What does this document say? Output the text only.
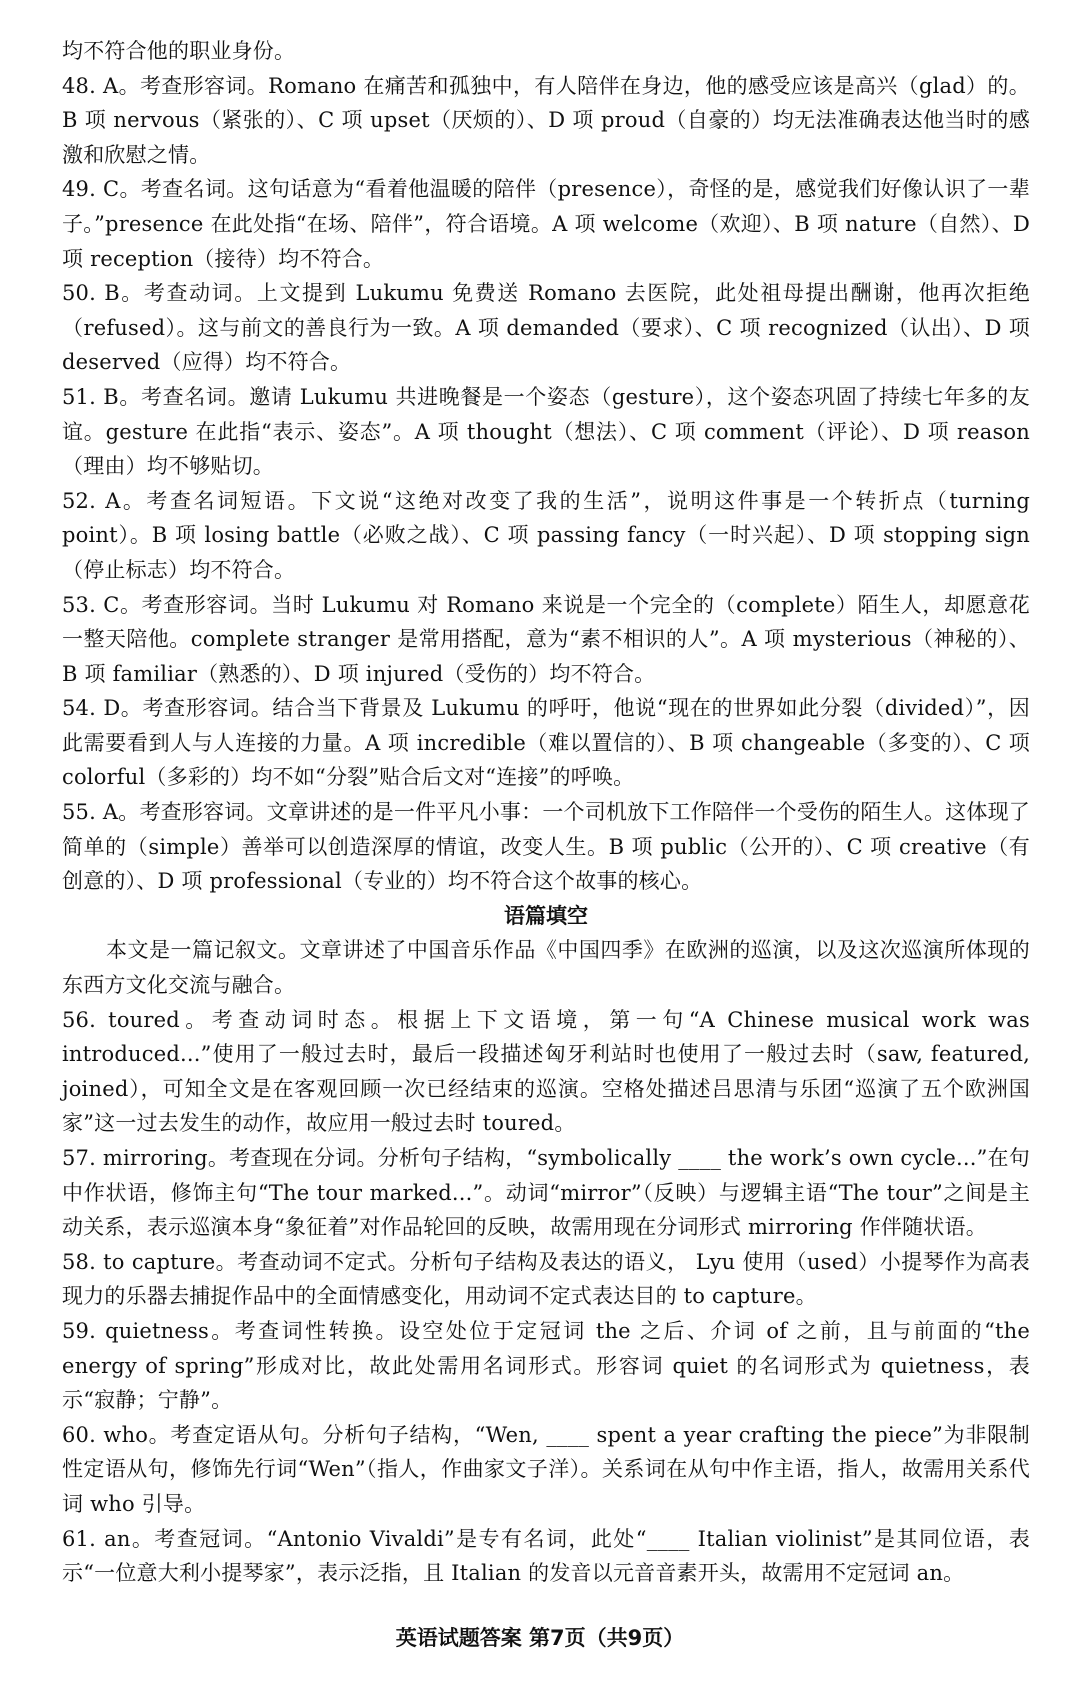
均不符合他的职业身份。

48. A。考查形容词。Romano 在痛苦和孤独中，有人陪伴在身边，他的感受应该是高兴（glad）的。B 项 nervous（紧张的）、C 项 upset（厌烦的）、D 项 proud（自豪的）均无法准确表达他当时的感激和欣慰之情。

49. C。考查名词。这句话意为“看着他温暖的陪伴（presence），奇怪的是，感觉我们好像认识了一辈子。”presence 在此处指“在场、陪伴”，符合语境。A 项 welcome（欢迎）、B 项 nature（自然）、D 项 reception（接待）均不符合。

50. B。考查动词。上文提到 Lukumu 免费送 Romano 去医院，此处祖母提出酬谢，他再次拒绝（refused）。这与前文的善良行为一致。A 项 demanded（要求）、C 项 recognized（认出）、D 项 deserved（应得）均不符合。

51. B。考查名词。邀请 Lukumu 共进晚餐是一个姿态（gesture），这个姿态巩固了持续七年多的友谊。gesture 在此指“表示、姿态”。A 项 thought（想法）、C 项 comment（评论）、D 项 reason（理由）均不够贴切。

52. A。考查名词短语。下文说“这绝对改变了我的生活”，说明这件事是一个转折点（turning point）。B 项 losing battle（必败之战）、C 项 passing fancy（一时兴起）、D 项 stopping sign（停止标志）均不符合。

53. C。考查形容词。当时 Lukumu 对 Romano 来说是一个完全的（complete）陌生人，却愿意花一整天陪他。complete stranger 是常用搭配，意为“素不相识的人”。A 项 mysterious（神秘的）、B 项 familiar（熟悉的）、D 项 injured（受伤的）均不符合。

54. D。考查形容词。结合当下背景及 Lukumu 的呼吁，他说“现在的世界如此分裂（divided）”，因此需要看到人与人连接的力量。A 项 incredible（难以置信的）、B 项 changeable（多变的）、C 项 colorful（多彩的）均不如“分裂”贴合后文对“连接”的呼唤。

55. A。考查形容词。文章讲述的是一件平凡小事：一个司机放下工作陪伴一个受伤的陌生人。这体现了简单的（simple）善举可以创造深厚的情谊，改变人生。B 项 public（公开的）、C 项 creative（有创意的）、D 项 professional（专业的）均不符合这个故事的核心。

语篇填空

本文是一篇记叙文。文章讲述了中国音乐作品《中国四季》在欧洲的巡演，以及这次巡演所体现的东西方文化交流与融合。

56. toured。考查动词时态。根据上下文语境，第一句“A Chinese musical work was introduced...”使用了一般过去时，最后一段描述匈牙利站时也使用了一般过去时（saw, featured, joined），可知全文是在客观回顾一次已经结束的巡演。空格处描述吕思清与乐团“巡演了五个欧洲国家”这一过去发生的动作，故应用一般过去时 toured。

57. mirroring。考查现在分词。分析句子结构，“symbolically ____ the work’s own cycle...”在句中作状语，修饰主句“The tour marked...”。动词“mirror”（反映）与逻辑主语“The tour”之间是主动关系，表示巡演本身“象征着”对作品轮回的反映，故需用现在分词形式 mirroring 作伴随状语。

58. to capture。考查动词不定式。分析句子结构及表达的语义， Lyu 使用（used）小提琴作为高表现力的乐器去捕捉作品中的全面情感变化，用动词不定式表达目的 to capture。

59. quietness。考查词性转换。设空处位于定冠词 the 之后、介词 of 之前，且与前面的“the energy of spring”形成对比，故此处需用名词形式。形容词 quiet 的名词形式为 quietness，表示“寂静；宁静”。

60. who。考查定语从句。分析句子结构，“Wen, ____ spent a year crafting the piece”为非限制性定语从句，修饰先行词“Wen”（指人，作曲家文子洋）。关系词在从句中作主语，指人，故需用关系代词 who 引导。

61. an。考查冠词。“Antonio Vivaldi”是专有名词，此处“____ Italian violinist”是其同位语，表示“一位意大利小提琴家”，表示泛指，且 Italian 的发音以元音音素开头，故需用不定冠词 an。

英语试题答案 第7页（共9页）
